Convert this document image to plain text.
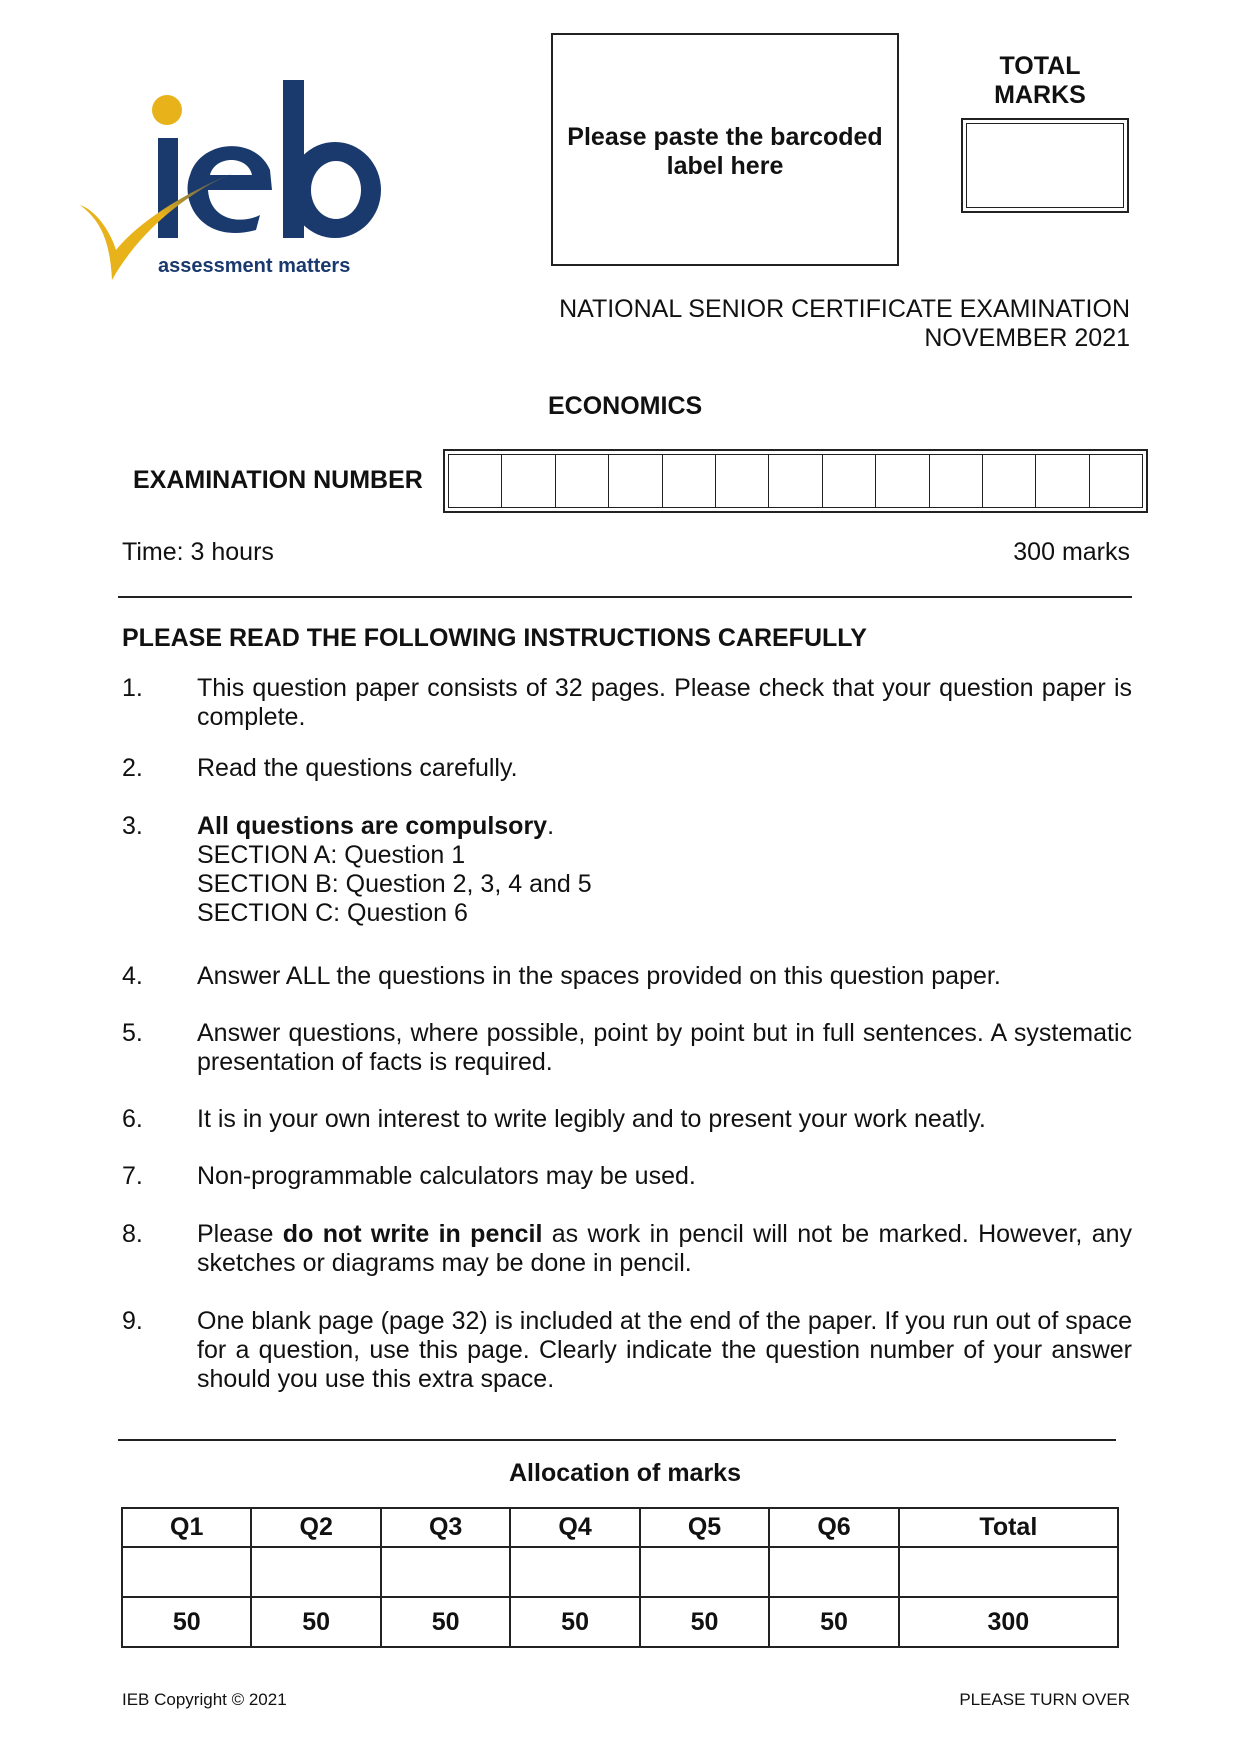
assessment matters
Please paste the barcoded label here
TOTAL
MARKS
NATIONAL SENIOR CERTIFICATE EXAMINATION
NOVEMBER 2021
ECONOMICS
EXAMINATION NUMBER
Time: 3 hours	300 marks
PLEASE READ THE FOLLOWING INSTRUCTIONS CAREFULLY
1. This question paper consists of 32 pages. Please check that your question paper is complete.
2. Read the questions carefully.
3. All questions are compulsory.
SECTION A: Question 1
SECTION B: Question 2, 3, 4 and 5
SECTION C: Question 6
4. Answer ALL the questions in the spaces provided on this question paper.
5. Answer questions, where possible, point by point but in full sentences. A systematic presentation of facts is required.
6. It is in your own interest to write legibly and to present your work neatly.
7. Non-programmable calculators may be used.
8. Please do not write in pencil as work in pencil will not be marked. However, any sketches or diagrams may be done in pencil.
9. One blank page (page 32) is included at the end of the paper. If you run out of space for a question, use this page. Clearly indicate the question number of your answer should you use this extra space.
Allocation of marks
Q1	Q2	Q3	Q4	Q5	Q6	Total

50	50	50	50	50	50	300
IEB Copyright © 2021	PLEASE TURN OVER
